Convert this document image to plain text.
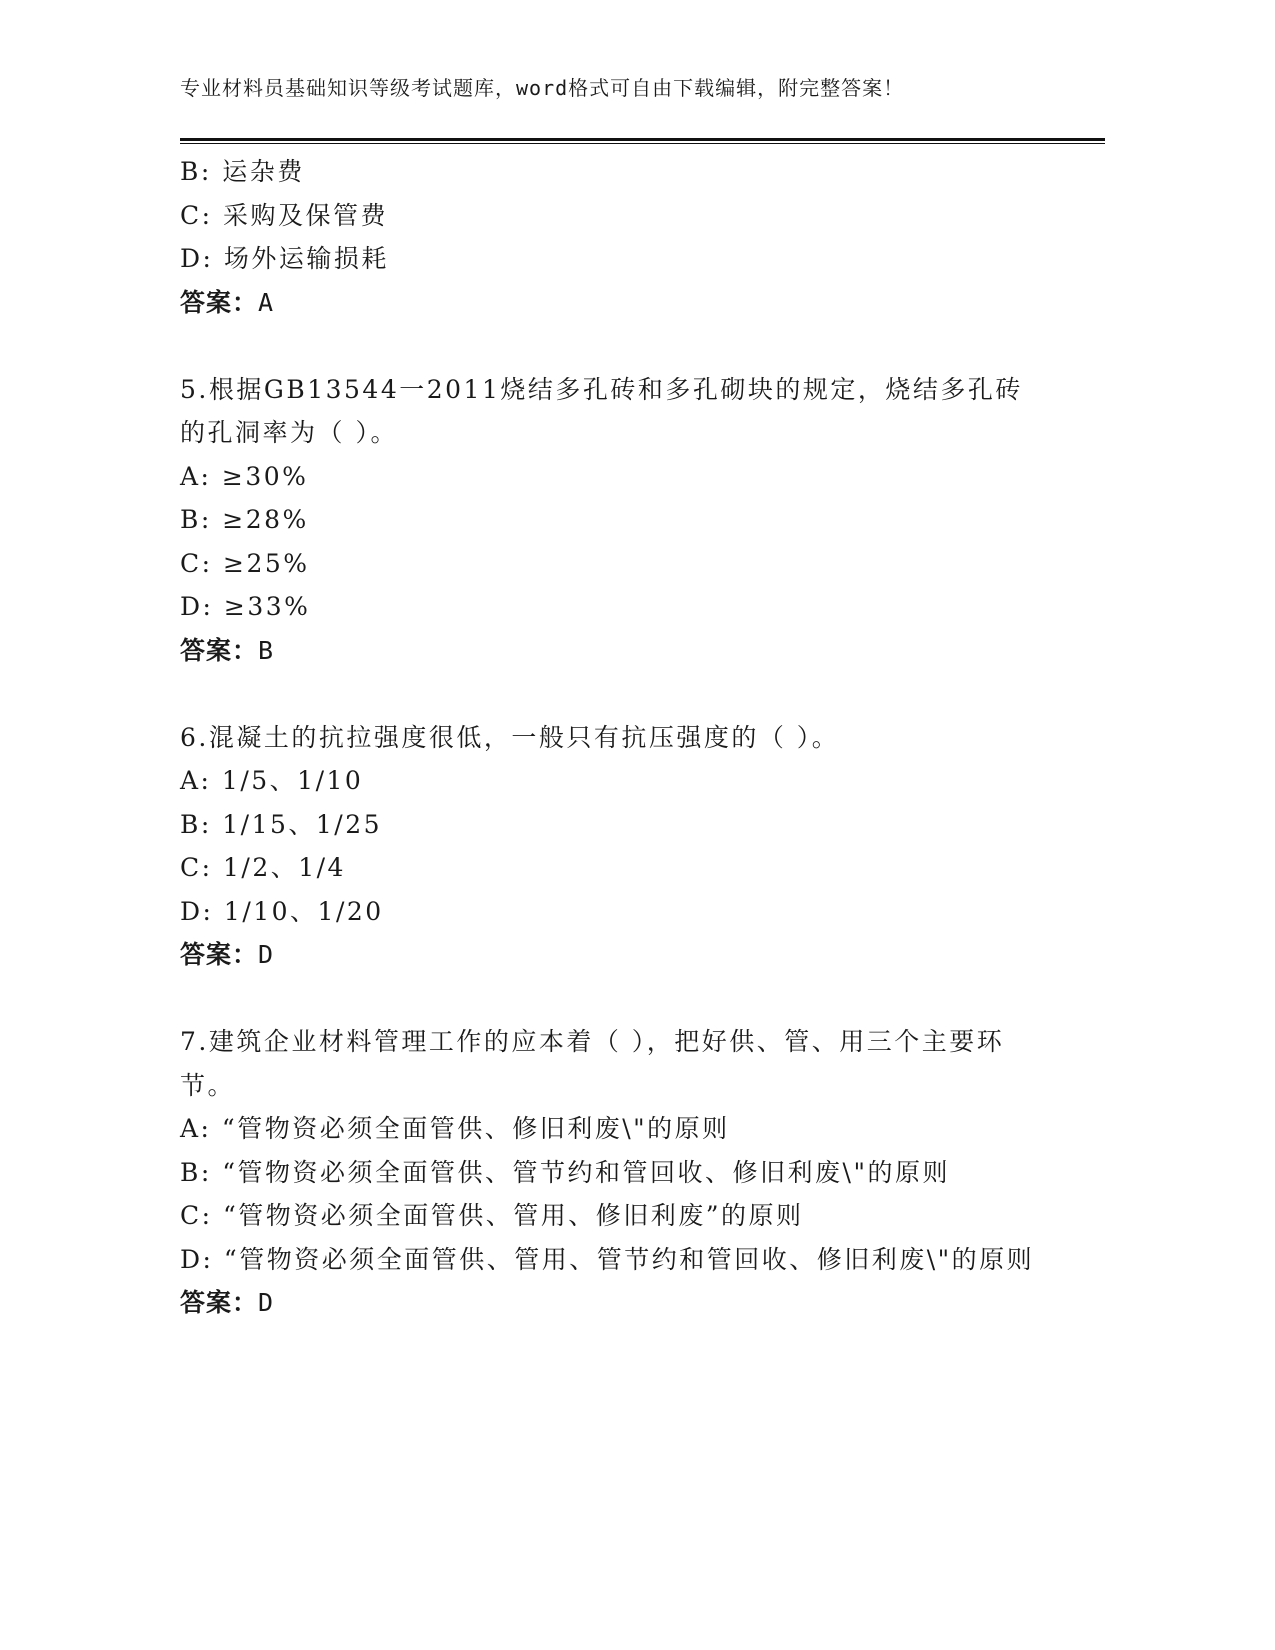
专业材料员基础知识等级考试题库，word格式可自由下载编辑，附完整答案！
B: 运杂费
C: 采购及保管费
D: 场外运输损耗
答案：A
5.根据GB13544一2011烧结多孔砖和多孔砌块的规定，烧结多孔砖的孔洞率为（ ）。
A: ≥30%
B: ≥28%
C: ≥25%
D: ≥33%
答案：B
6.混凝土的抗拉强度很低，一般只有抗压强度的（ ）。
A: 1/5、1/10
B: 1/15、1/25
C: 1/2、1/4
D: 1/10、1/20
答案：D
7.建筑企业材料管理工作的应本着（ ），把好供、管、用三个主要环节。
A: “管物资必须全面管供、修旧利废\"的原则
B: “管物资必须全面管供、管节约和管回收、修旧利废\"的原则
C: “管物资必须全面管供、管用、修旧利废”的原则
D: “管物资必须全面管供、管用、管节约和管回收、修旧利废\"的原则
答案：D
